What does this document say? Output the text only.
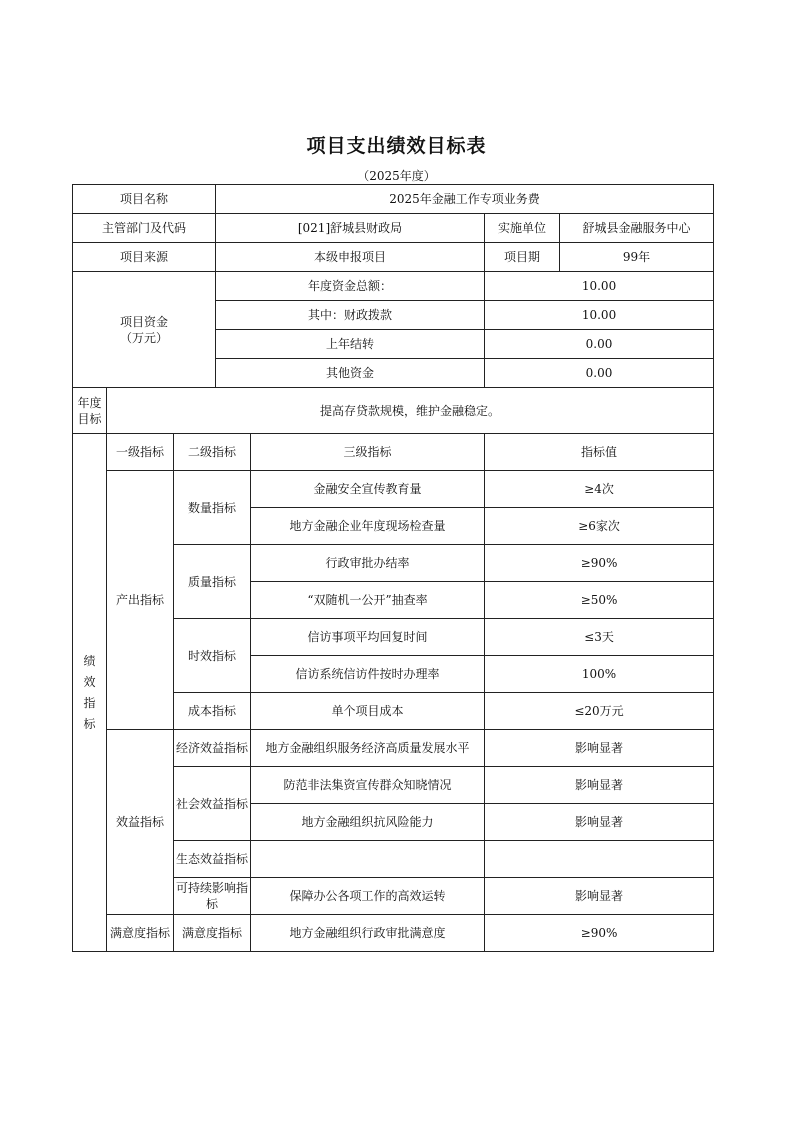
项目支出绩效目标表
（2025年度）
项目名称			2025年金融工作专项业务费			
主管部门及代码			[021]舒城县财政局		实施单位	舒城县金融服务中心
项目来源			本级申报项目		项目期	99年

项目资金
（万元）			年度资金总额：		10.00	
			其中：财政拨款		10.00	
			上年结转		0.00	
			其他资金		0.00	

年度
目标	提高存贷款规模，维护金融稳定。					
绩效指标	一级指标	二级指标		三级指标	指标值	
	产出指标	数量指标		金融安全宣传教育量	≥4次	
				地方金融企业年度现场检查量	≥6家次	
		质量指标		行政审批办结率	≥90%	
				“双随机一公开”抽查率	≥50%	
		时效指标		信访事项平均回复时间	≤3天	
				信访系统信访件按时办理率	100%	
		成本指标		单个项目成本	≤20万元	
	效益指标	经济效益指标		地方金融组织服务经济高质量发展水平	影响显著	
		社会效益指标		防范非法集资宣传群众知晓情况	影响显著	
				地方金融组织抗风险能力	影响显著	
		生态效益指标				
		可持续影响指标		保障办公各项工作的高效运转	影响显著	
	满意度指标	满意度指标		地方金融组织行政审批满意度	≥90%	
